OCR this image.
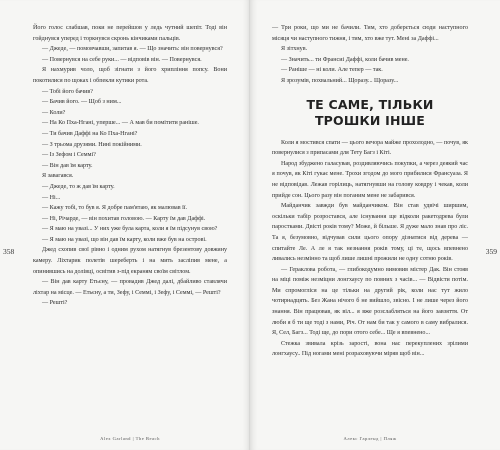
Його голос слабшав, поки не перейшов у ледь чутний шепіт. Тоді він гойднувся уперед і торкнувся скронь кінчиками пальців.

— Джеде, — помовчавши, запитав я. — Що значить: він повернувся?

— Повернувся на себе руки... — відповів він. — Повернувся.

Я нахмурив чоло, щоб зігнати з його хрипління попсу. Вони покотилися по щоках і обпекли кутики рота.

— Тобі його бачив?

— Бачив його. — Щоб з ним...

— Коли?

— На Ко Пха-Нгані, уперше... — А мав би помітити раніше.

— Ти бачив Даффі на Ко Пха-Нгані?

— З трьома друзями. Нині покійними.

— Із Зефом і Семмі?

— Він дав їм карту.

Я завагався.

— Джеде, то ж дав їм карту.

— Ні...

— Кажу тобі, то був я. Я добре пам'ятаю, як малював її.

— Ні, Річарде, — він похитав головою. — Карту їм дав Даффі.

— Я маю на увазі... У них уже була карта, коли я їм підсунув свою?

— Я маю на увазі, що він дав їм карту, коли вже був на острові.

Джед схопив свої рівно і одним рухом натягнув брезентову довжину камеру. Ліхтарик полетів шереберть і на мить засліпив мене, а опинившись на долівці, освітив з-під екраням своїм світлом.

— Він дав карту Етьєну, — провадив Джед далі, дбайливо ставлячи ліхтар на місце. — Етьєну, а ти, Зефу, і Семмі, і Зефу, і Семмі, — Решті?

— Решті?

358
Alex Garland | The Beach

— Три роки, що ми не бачили. Тим, хто доберється сюди наступного місяця чи наступного тижня, і тим, хто вже тут. Мені за Даффі...

Я зітхнув.

— Значить... ти Франсиі Даффі, коли бачив мене.

— Раніше — ні коли. Але тепер — так.

Я зрозумів, похвальний... Щоразу... Щоразу...

ТЕ САМЕ, ТІЛЬКИ ТРОШКИ ІНШЕ

Коли я мостився спати — цього вечора майже прохолодно, — почув, як повернулися з припасами для Тету Багз і Кіті.

Народ збуджено галасував, роздивляючись покупки, а через деякий час я почув, як Кіті гукає мене. Трохи згодом до мого прибилися Франсуаза. Я не відповідав. Лежав горілиць, натягнувши на голову ковдру і чекав, коли прийде сон. Цього разу він поганим мене не забарився.

Майданчик завжди був майданчиком. Він став удвічі ширшим, оскільки табір розростався, але існування ще відколи ракетодрева були паростками. Двісті років тому? Може, й більше. Я дуже мало знав про ліс. Та я, безумовно, відчував сили цього опору дізнатися від дерева — спитайте Ле. А ле я так незнання років тому, ці те, щось впевнено ливались незмінно та щоб лише лишні прожили не одну сотню років.

— Гераклова робота, — глибокодумно вимовив містер Дак. Він стояв на міці поміж незміцни лонгхаусу по повних з часів... — Відвісти потім. Ми спромогліся на це тільки на другий рік, коли нас тут жило чотирнадцять. Без Жана нічого б не вийшло, звісно. І не лише через його знання. Він працював, як віл... я вже розслабляться на його завзяття. От люби я б ти ще тоді з нами, Річ. От нам би так у самого в саму вибралися. Я, Сел, Багз... Тоді ще, до пори отого себе... Ще я впевнено...

Стежка звивала крізь зарості, вона нас перекуплених зрілими лонгхаусу.. Під ногами мені розраховуючи міряв щоб він...

359
Алекс Гарленд | Пляж
